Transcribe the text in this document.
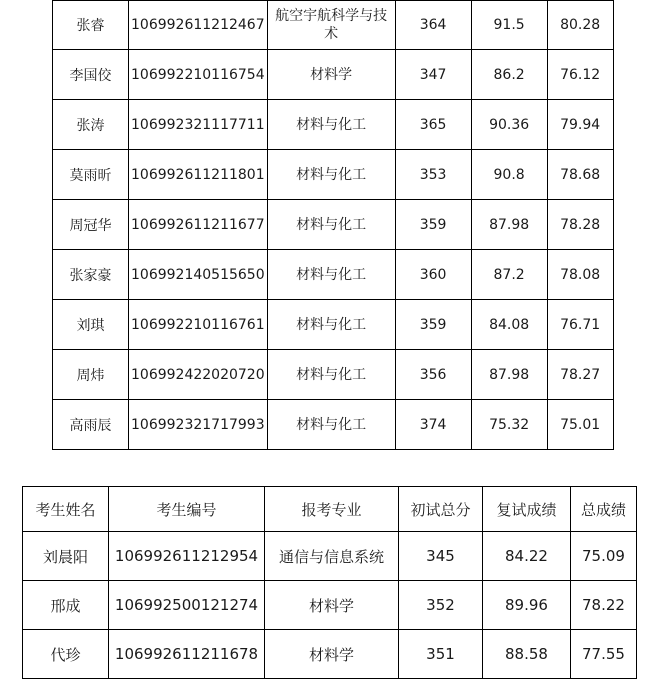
张睿	106992611212467	航空宇航科学与技术	364	91.5	80.28
李国佼	106992210116754	材料学	347	86.2	76.12
张涛	106992321117711	材料与化工	365	90.36	79.94
莫雨昕	106992611211801	材料与化工	353	90.8	78.68
周冠华	106992611211677	材料与化工	359	87.98	78.28
张家豪	106992140515650	材料与化工	360	87.2	78.08
刘琪	106992210116761	材料与化工	359	84.08	76.71
周炜	106992422020720	材料与化工	356	87.98	78.27
高雨辰	106992321717993	材料与化工	374	75.32	75.01
考生姓名	考生编号	报考专业	初试总分	复试成绩	总成绩
刘晨阳	106992611212954	通信与信息系统	345	84.22	75.09
邢成	106992500121274	材料学	352	89.96	78.22
代珍	106992611211678	材料学	351	88.58	77.55
